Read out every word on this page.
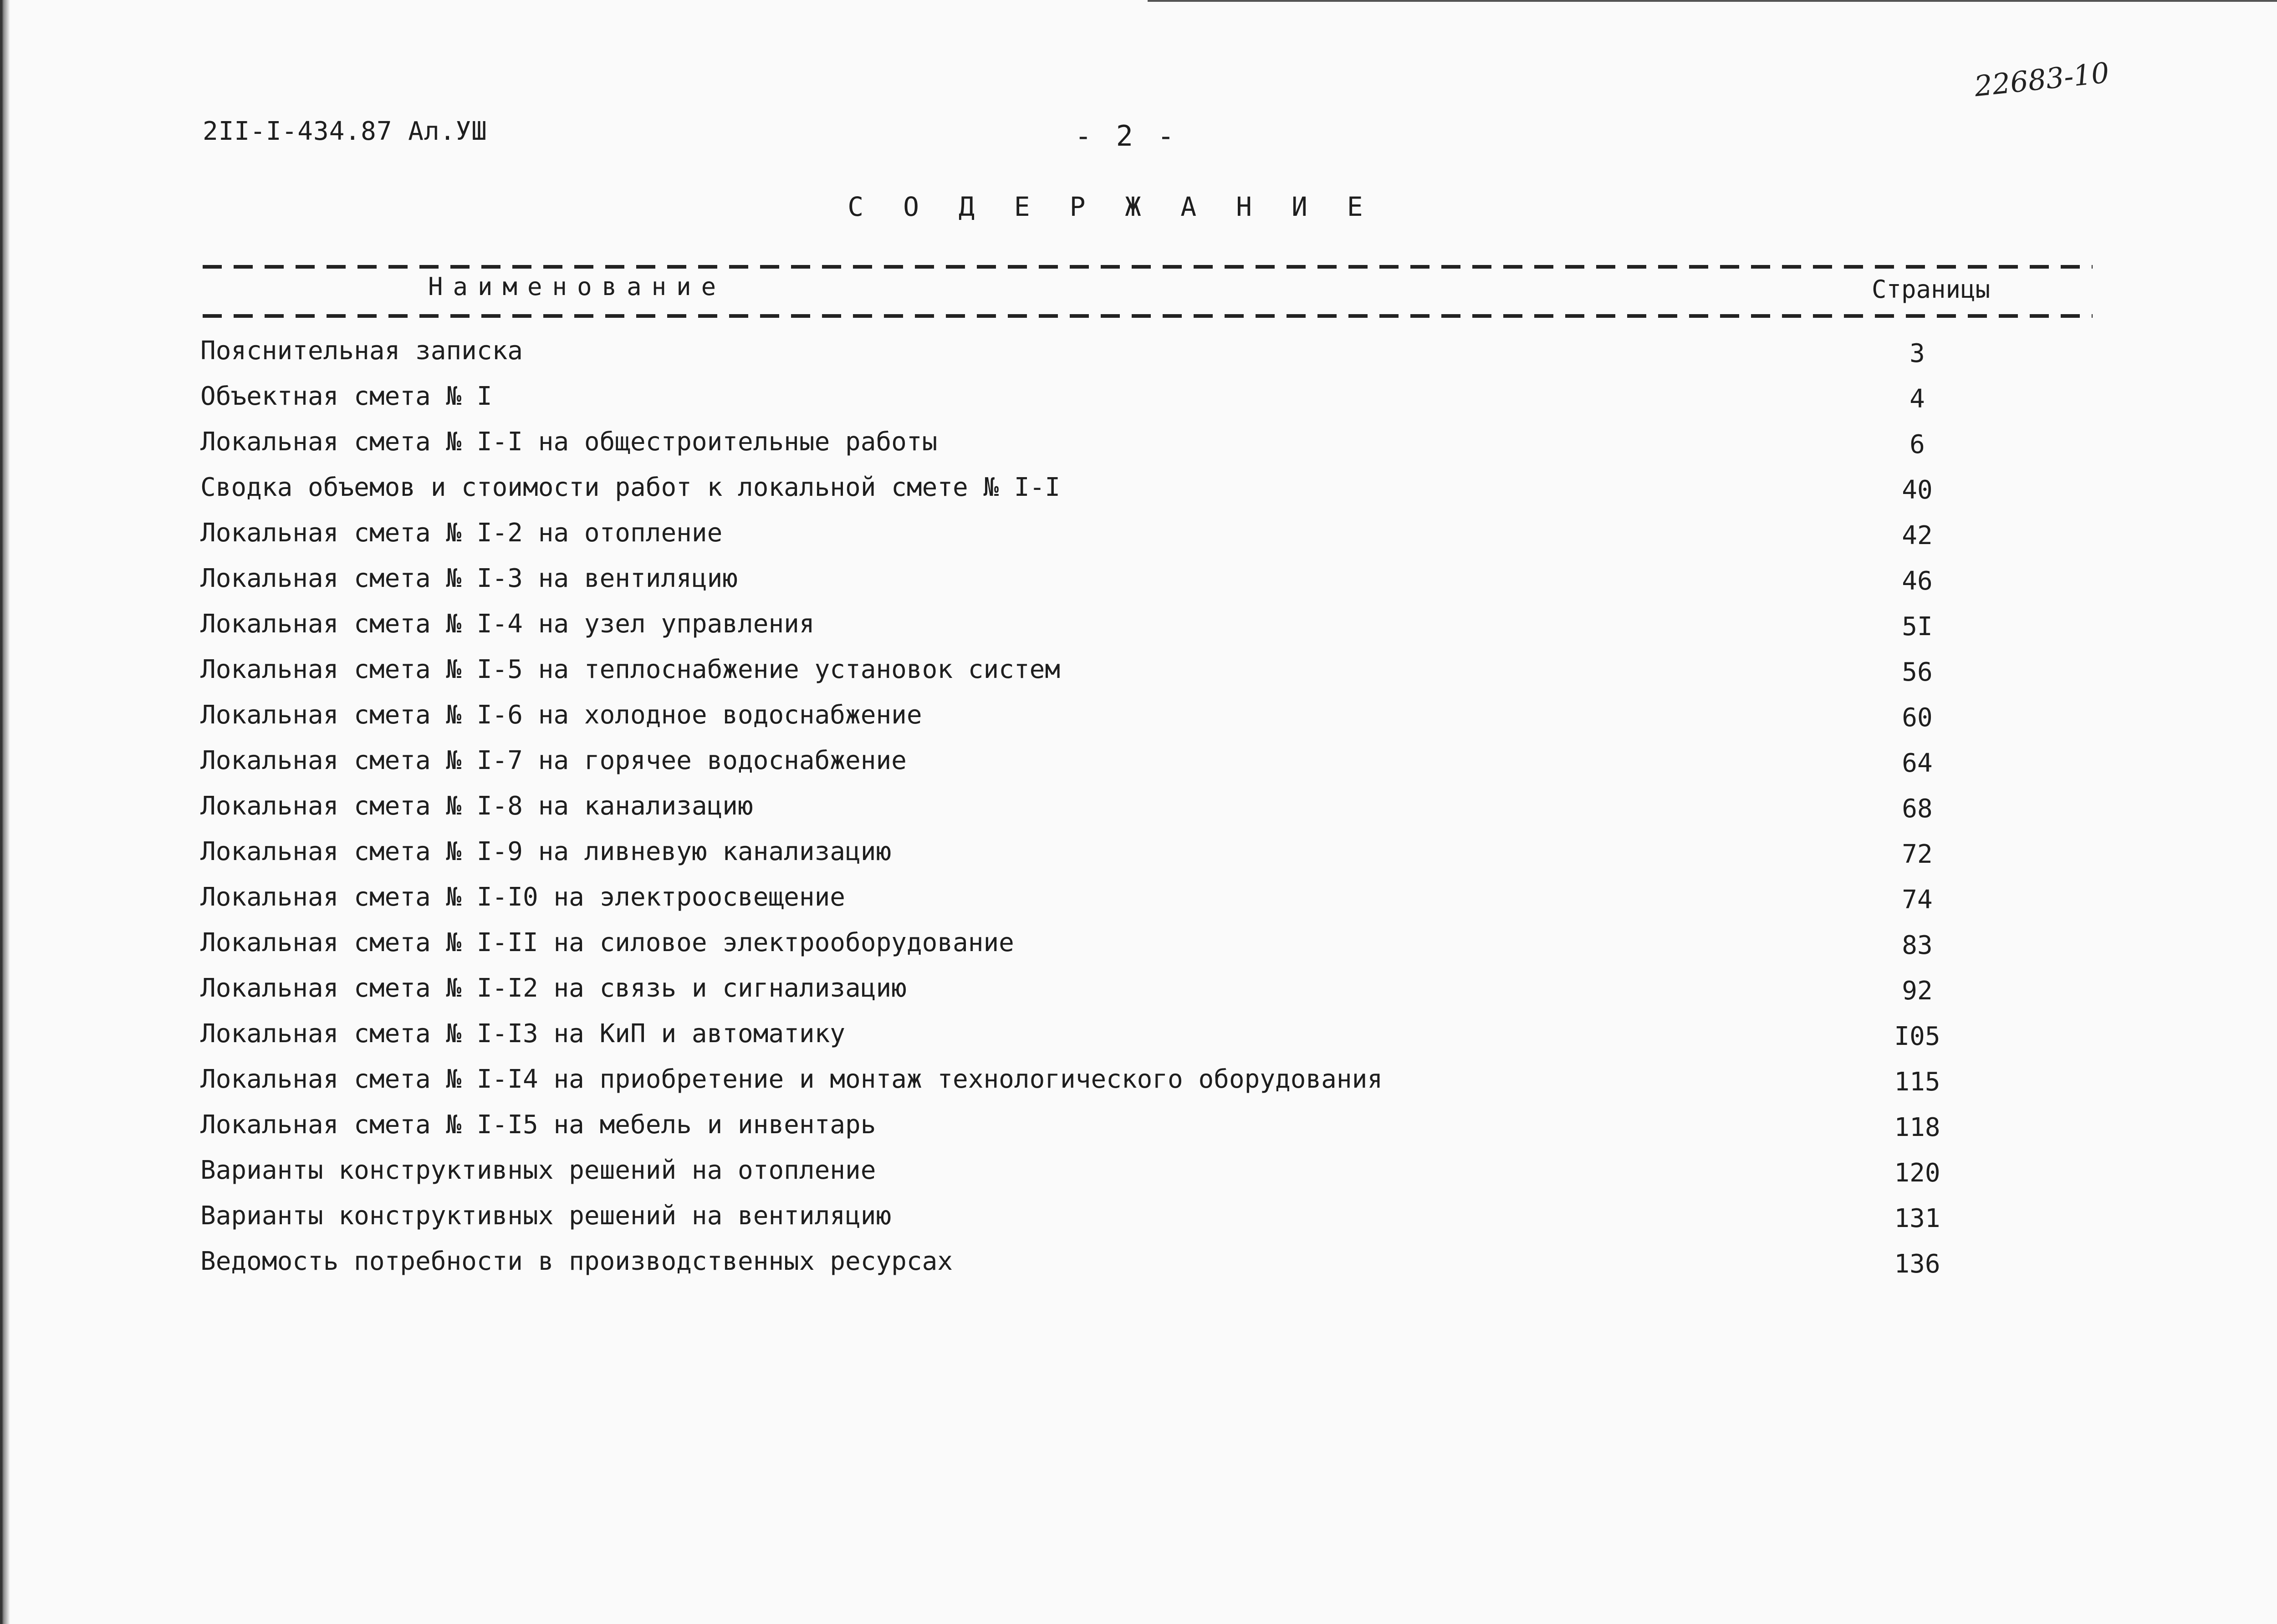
2II-I-434.87 Ал.УШ	- 2 -
22683-10
С О Д Е Р Ж А Н И Е
Наименование	Страницы
Пояснительная записка	3
Объектная смета № I	4
Локальная смета № I-I на общестроительные работы	6
Сводка объемов и стоимости работ к локальной смете № I-I	40
Локальная смета № I-2 на отопление	42
Локальная смета № I-3 на вентиляцию	46
Локальная смета № I-4 на узел управления	5I
Локальная смета № I-5 на теплоснабжение установок систем	56
Локальная смета № I-6 на холодное водоснабжение	60
Локальная смета № I-7 на горячее водоснабжение	64
Локальная смета № I-8 на канализацию	68
Локальная смета № I-9 на ливневую канализацию	72
Локальная смета № I-I0 на электроосвещение	74
Локальная смета № I-II на силовое электрооборудование	83
Локальная смета № I-I2 на связь и сигнализацию	92
Локальная смета № I-I3 на КиП и автоматику	I05
Локальная смета № I-I4 на приобретение и монтаж технологического оборудования	115
Локальная смета № I-I5 на мебель и инвентарь	118
Варианты конструктивных решений на отопление	120
Варианты конструктивных решений на вентиляцию	131
Ведомость потребности в производственных ресурсах	136
